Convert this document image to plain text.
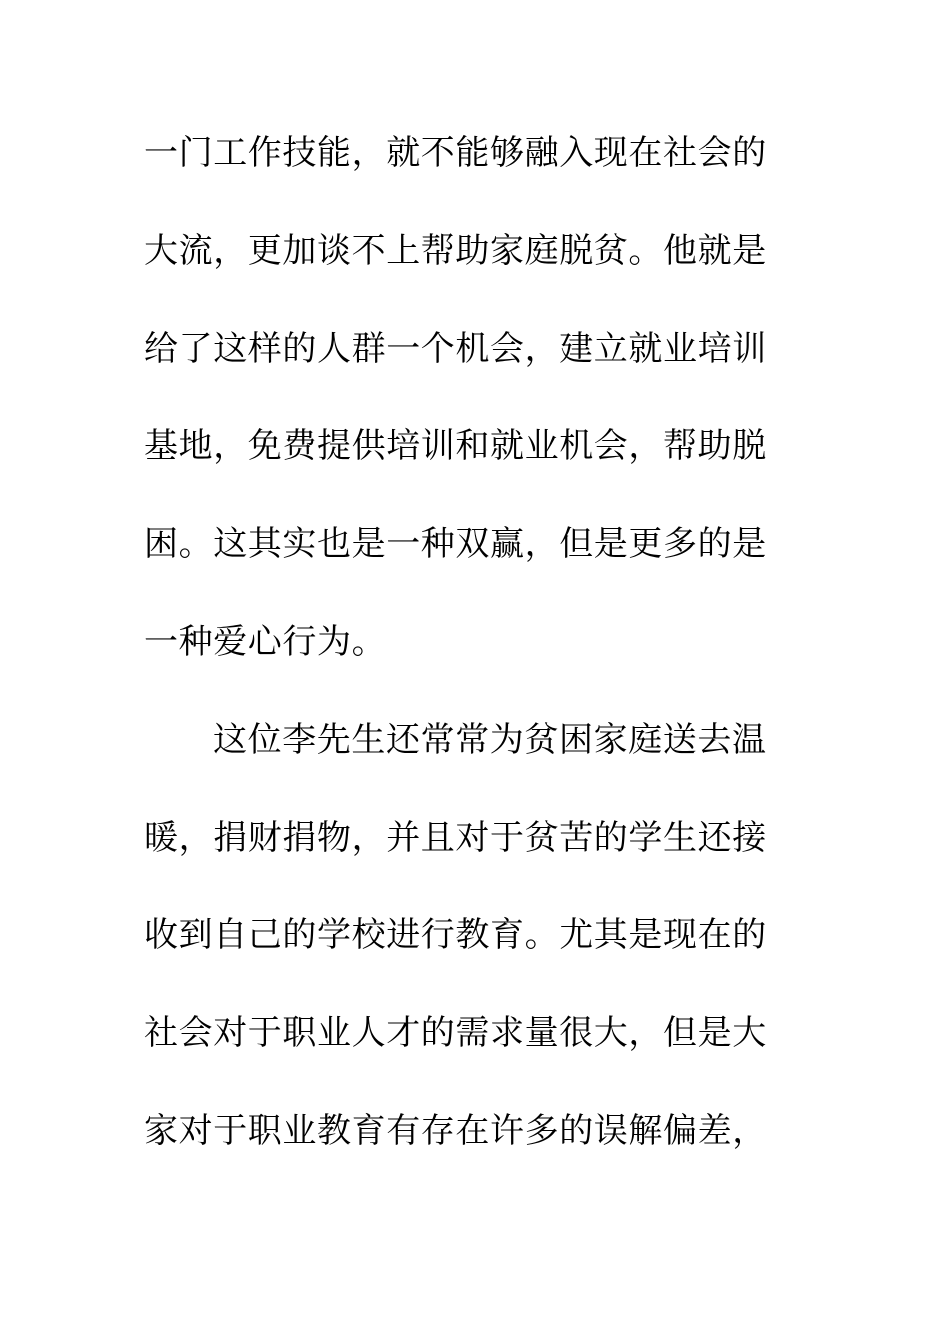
一门工作技能，就不能够融入现在社会的
大流，更加谈不上帮助家庭脱贫。他就是
给了这样的人群一个机会，建立就业培训
基地，免费提供培训和就业机会，帮助脱
困。这其实也是一种双赢，但是更多的是
一种爱心行为。
这位李先生还常常为贫困家庭送去温
暖，捐财捐物，并且对于贫苦的学生还接
收到自己的学校进行教育。尤其是现在的
社会对于职业人才的需求量很大，但是大
家对于职业教育有存在许多的误解偏差，
